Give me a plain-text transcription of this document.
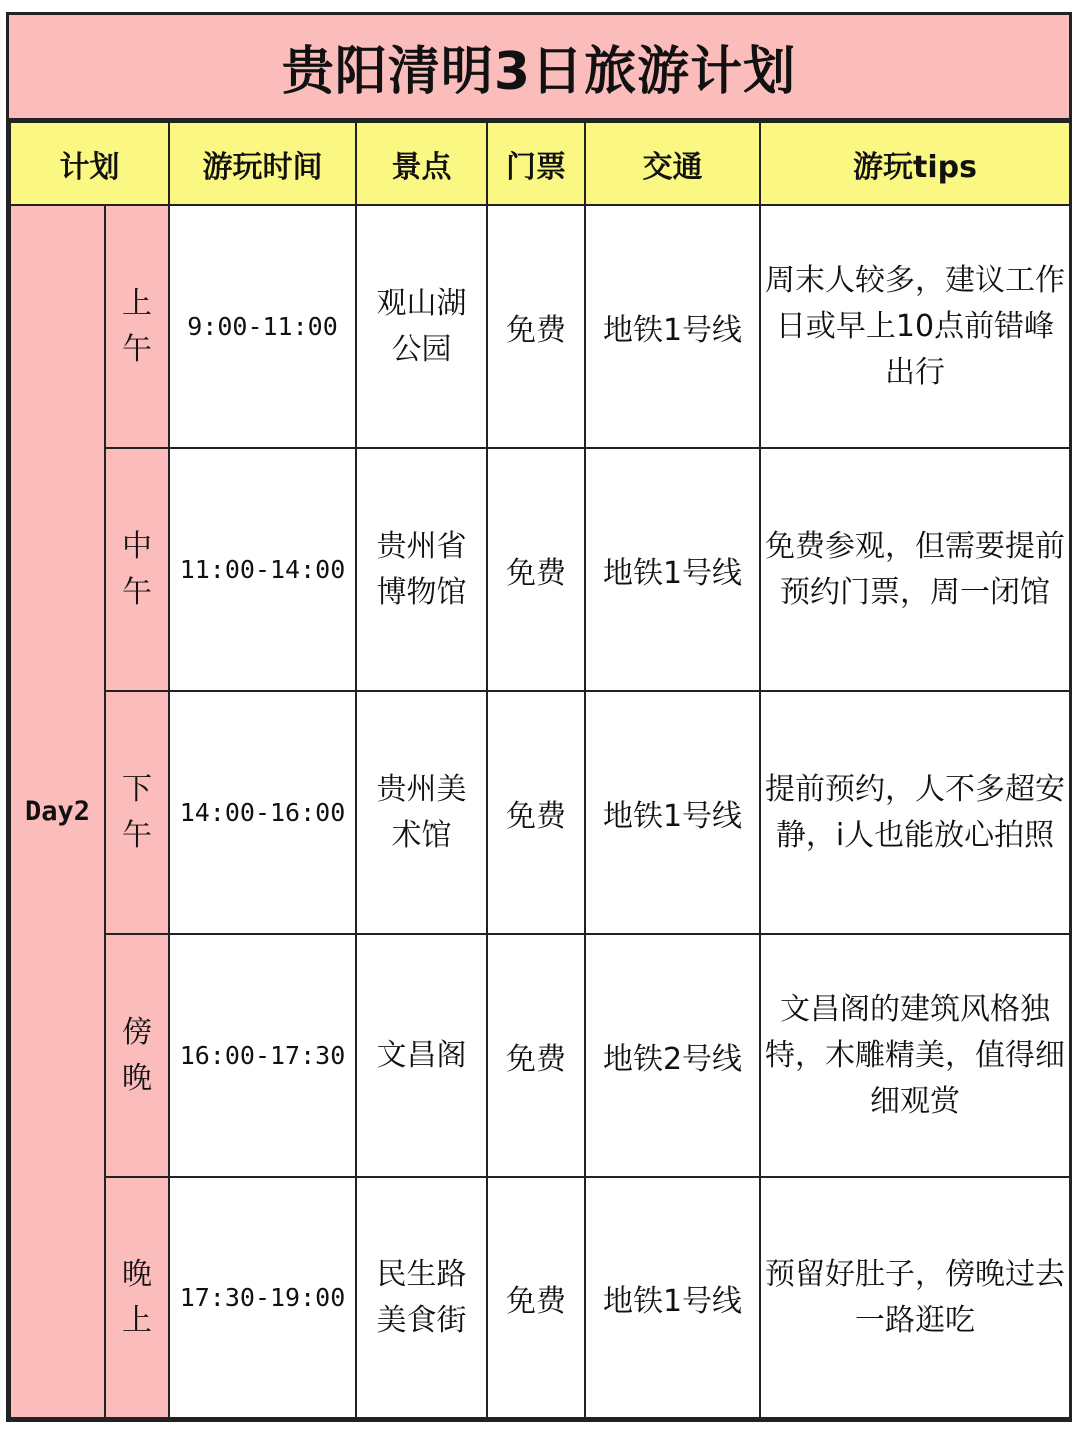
贵阳清明3日旅游计划
计划		游玩时间	景点	门票	交通	游玩tips
Day2	上午	9:00-11:00	观山湖公园	免费	地铁1号线	周末人较多，建议工作日或早上10点前错峰出行
	中午	11:00-14:00	贵州省博物馆	免费	地铁1号线	免费参观，但需要提前预约门票，周一闭馆
	下午	14:00-16:00	贵州美术馆	免费	地铁1号线	提前预约，人不多超安静，i人也能放心拍照
	傍晚	16:00-17:30	文昌阁	免费	地铁2号线	文昌阁的建筑风格独特，木雕精美，值得细细观赏
	晚上	17:30-19:00	民生路美食街	免费	地铁1号线	预留好肚子，傍晚过去一路逛吃
